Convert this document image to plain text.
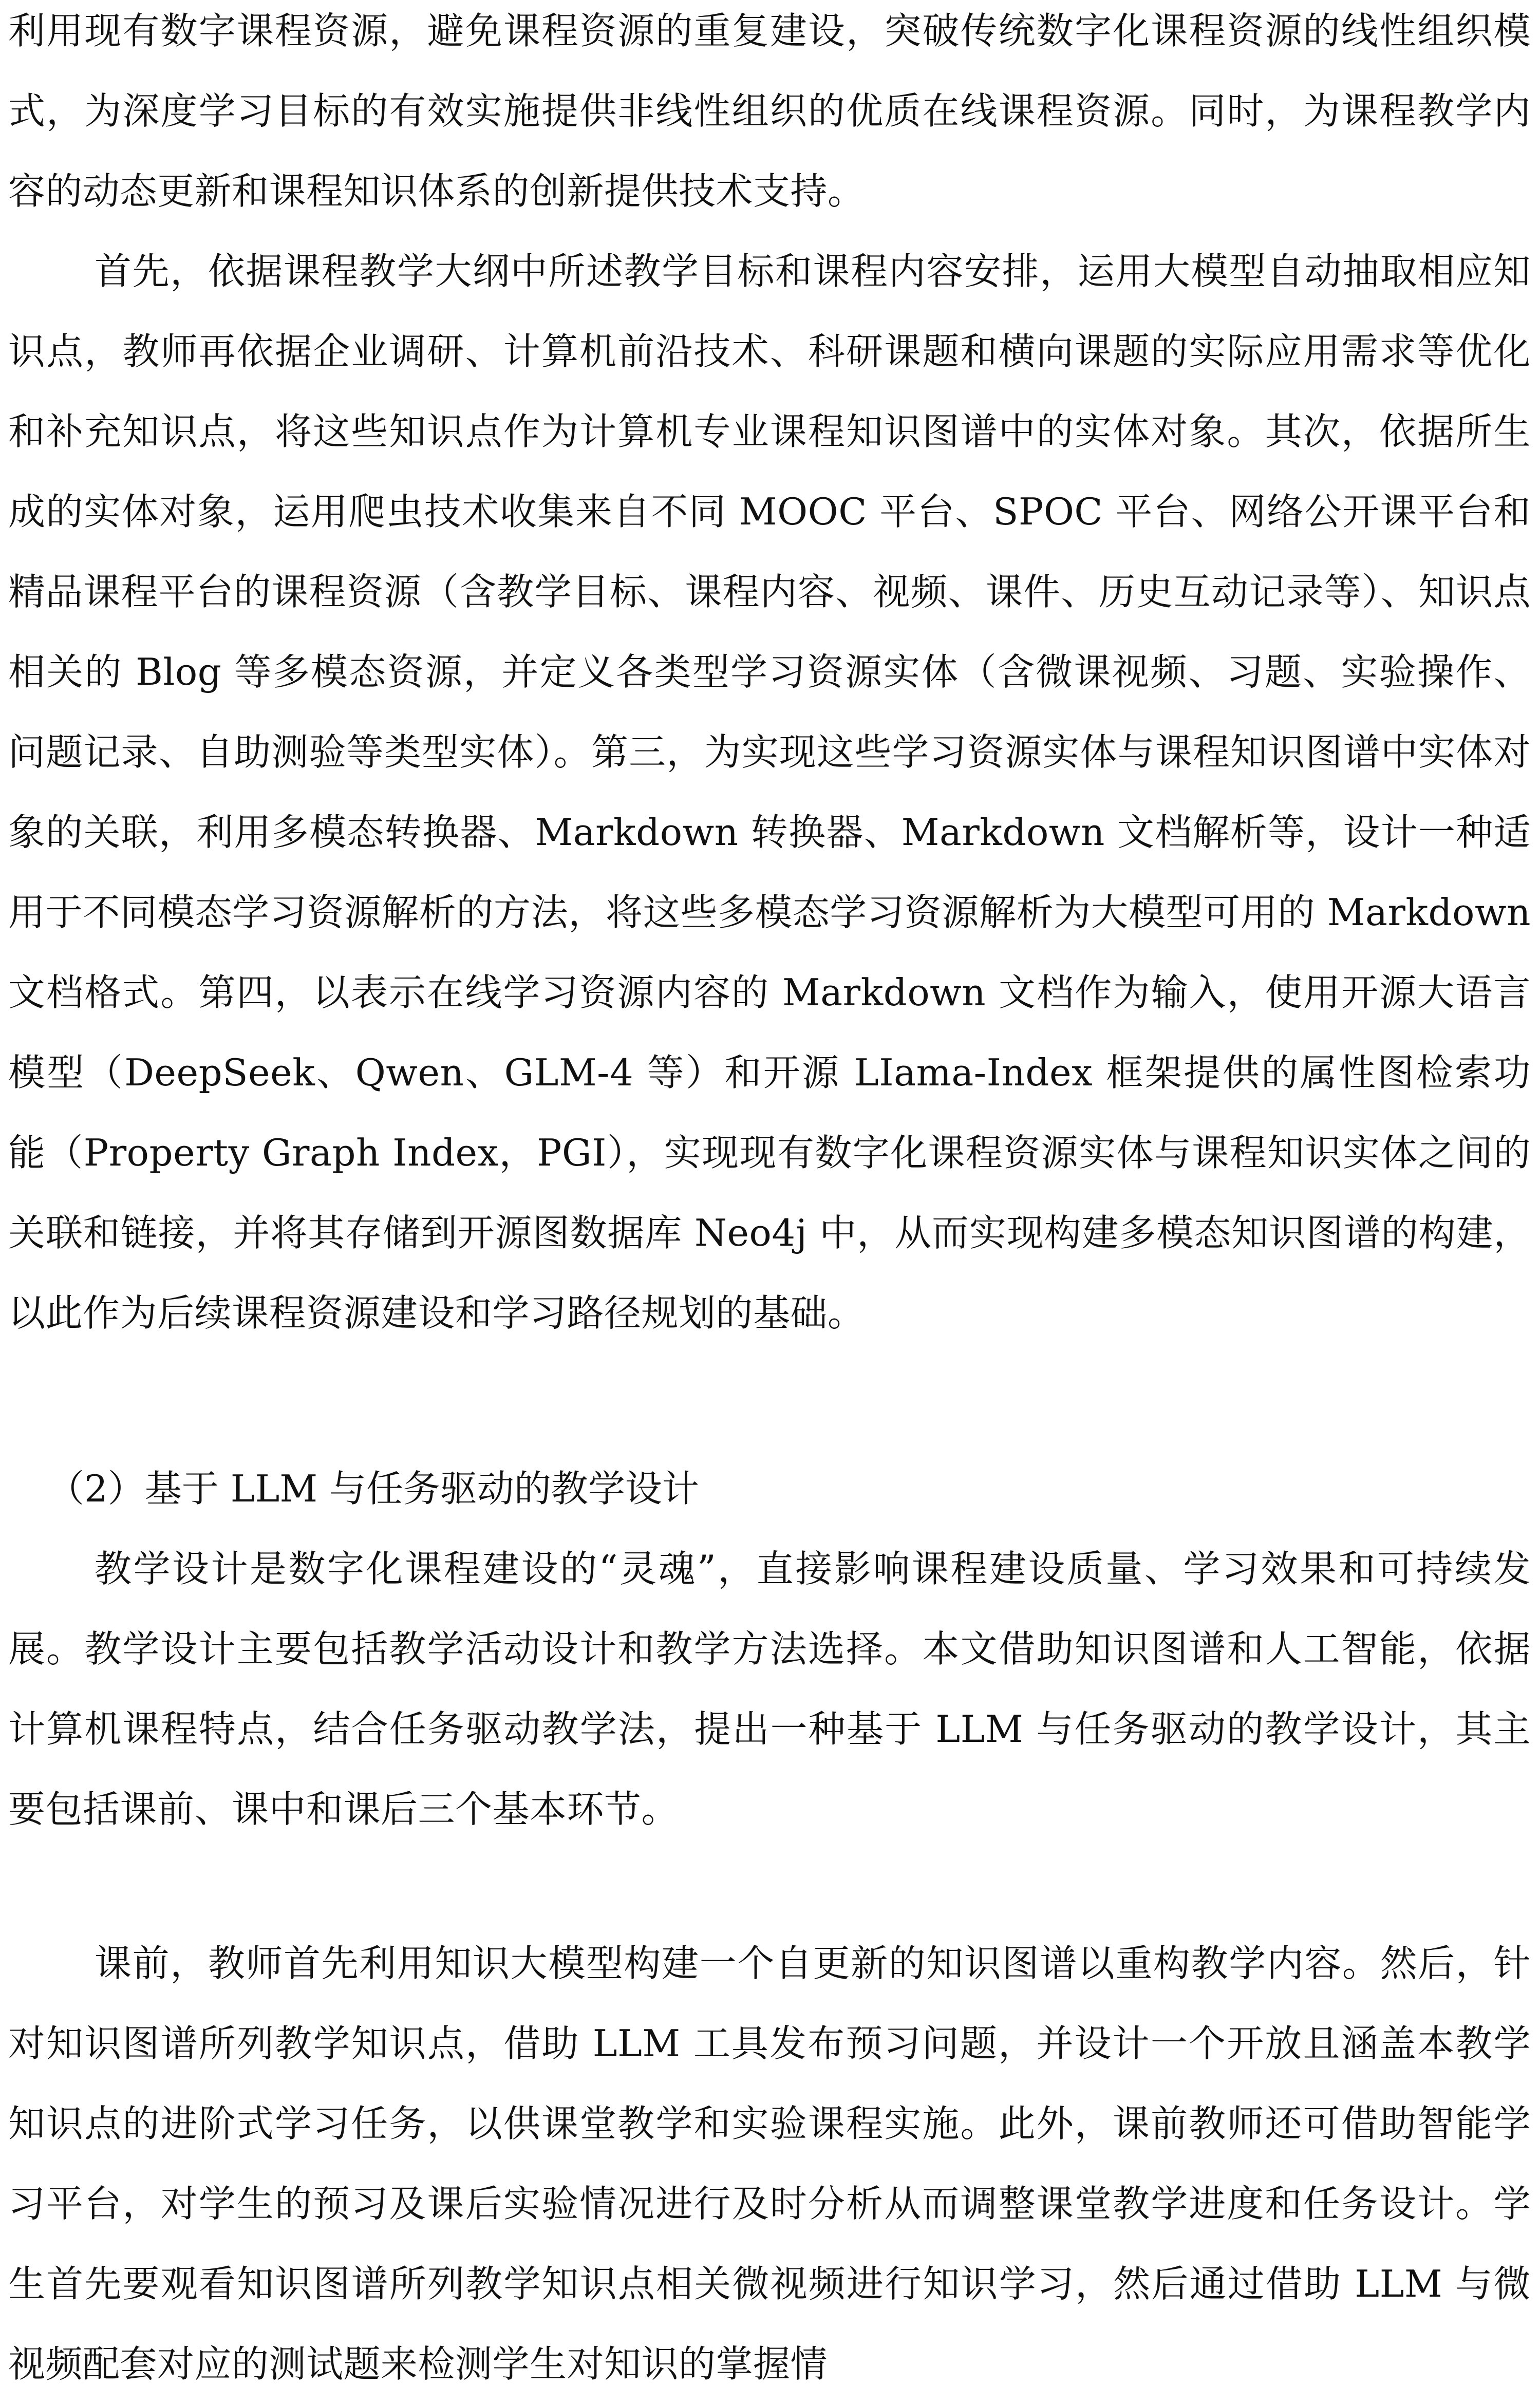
利用现有数字课程资源，避免课程资源的重复建设，突破传统数字化课程资源的线性组织模式，为深度学习目标的有效实施提供非线性组织的优质在线课程资源。同时，为课程教学内容的动态更新和课程知识体系的创新提供技术支持。

首先，依据课程教学大纲中所述教学目标和课程内容安排，运用大模型自动抽取相应知识点，教师再依据企业调研、计算机前沿技术、科研课题和横向课题的实际应用需求等优化和补充知识点，将这些知识点作为计算机专业课程知识图谱中的实体对象。其次，依据所生成的实体对象，运用爬虫技术收集来自不同 MOOC 平台、SPOC 平台、网络公开课平台和精品课程平台的课程资源（含教学目标、课程内容、视频、课件、历史互动记录等）、知识点相关的 Blog 等多模态资源，并定义各类型学习资源实体（含微课视频、习题、实验操作、问题记录、自助测验等类型实体）。第三，为实现这些学习资源实体与课程知识图谱中实体对象的关联，利用多模态转换器、Markdown 转换器、Markdown 文档解析等，设计一种适用于不同模态学习资源解析的方法，将这些多模态学习资源解析为大模型可用的 Markdown 文档格式。第四，以表示在线学习资源内容的 Markdown 文档作为输入，使用开源大语言模型（DeepSeek、Qwen、GLM-4 等）和开源 LIama-Index 框架提供的属性图检索功能（Property Graph Index，PGI），实现现有数字化课程资源实体与课程知识实体之间的关联和链接，并将其存储到开源图数据库 Neo4j 中，从而实现构建多模态知识图谱的构建，以此作为后续课程资源建设和学习路径规划的基础。

（2）基于 LLM 与任务驱动的教学设计

教学设计是数字化课程建设的“灵魂”，直接影响课程建设质量、学习效果和可持续发展。教学设计主要包括教学活动设计和教学方法选择。本文借助知识图谱和人工智能，依据计算机课程特点，结合任务驱动教学法，提出一种基于 LLM 与任务驱动的教学设计，其主要包括课前、课中和课后三个基本环节。

课前，教师首先利用知识大模型构建一个自更新的知识图谱以重构教学内容。然后，针对知识图谱所列教学知识点，借助 LLM 工具发布预习问题，并设计一个开放且涵盖本教学知识点的进阶式学习任务，以供课堂教学和实验课程实施。此外，课前教师还可借助智能学习平台，对学生的预习及课后实验情况进行及时分析从而调整课堂教学进度和任务设计。学生首先要观看知识图谱所列教学知识点相关微视频进行知识学习，然后通过借助 LLM 与微视频配套对应的测试题来检测学生对知识的掌握情
